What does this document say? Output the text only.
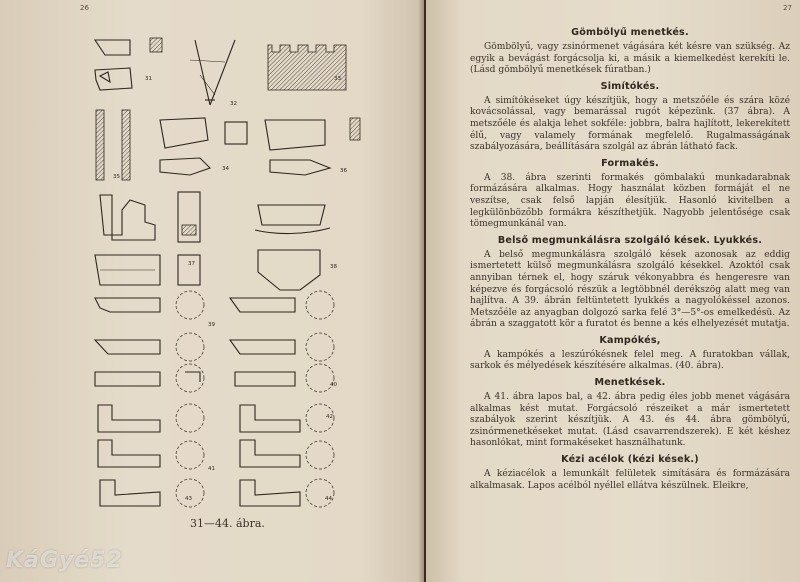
26
31
32
33
34
35
36
37	38
39
40
41
42
43	44
31—44. ábra.
27
Gömbölyű menetkés.

Gömbölyű, vagy zsinórmenet vágására két késre van szükség. Az egyik a bevágást forgácsolja ki, a másik a kiemelkedést kerekíti le. (Lásd gömbölyű menetkések fúratban.)

Simítókés.

A simítókéseket úgy készítjük, hogy a metszőéle és szára közé kovácsolással, vagy bemarással rugót képezünk. (37 ábra). A metszőéle és alakja lehet sokféle: jobbra, balra hajlított, lekerekített élű, vagy valamely formának megfelelő. Rugalmasságának szabályozására, beállítására szolgál az ábrán látható fack.

Formakés.

A 38. ábra szerinti formakés gömbalakú munkadarabnak formázására alkalmas. Hogy használat közben formáját el ne veszítse, csak felső lapján élesítjük. Hasonló kivitelben a legkülönbözőbb formákra készíthetjük. Nagyobb jelentősége csak tömegmunkánál van.

Belső megmunkálásra szolgáló kések. Lyukkés.

A belső megmunkálásra szolgáló kések azonosak az eddig ismertetett külső megmunkálásra szolgáló késekkel. Azoktól csak annyiban térnek el, hogy száruk vékonyabbra és hengeresre van képezve és forgácsoló részük a legtöbbnél derékszög alatt meg van hajlítva. A 39. ábrán feltüntetett lyukkés a nagyolókéssel azonos. Metszőéle az anyagban dolgozó sarka felé 3°—5°-os emelkedésü. Az ábrán a szaggatott kör a furatot és benne a kés elhelyezését mutatja.

Kampókés,

A kampókés a leszúrókésnek felel meg. A furatokban vállak, sarkok és mélyedések készítésére alkalmas. (40. ábra).

Menetkések.

A 41. ábra lapos bal, a 42. ábra pedig éles jobb menet vágására alkalmas kést mutat. Forgácsoló részeiket a már ismertetett szabályok szerint készítjük. A 43. és 44. ábra gömbölyű, zsinórmenetkéseket mutat. (Lásd csavarrendszerek). E két késhez hasonlókat, mint formakéseket használhatunk.

Kézi acélok (kézi kések.)

A kéziacélok a lemunkált felületek simítására és formázására alkalmasak. Lapos acélból nyéllel ellátva készülnek. Eleikre,

KáGyé52
